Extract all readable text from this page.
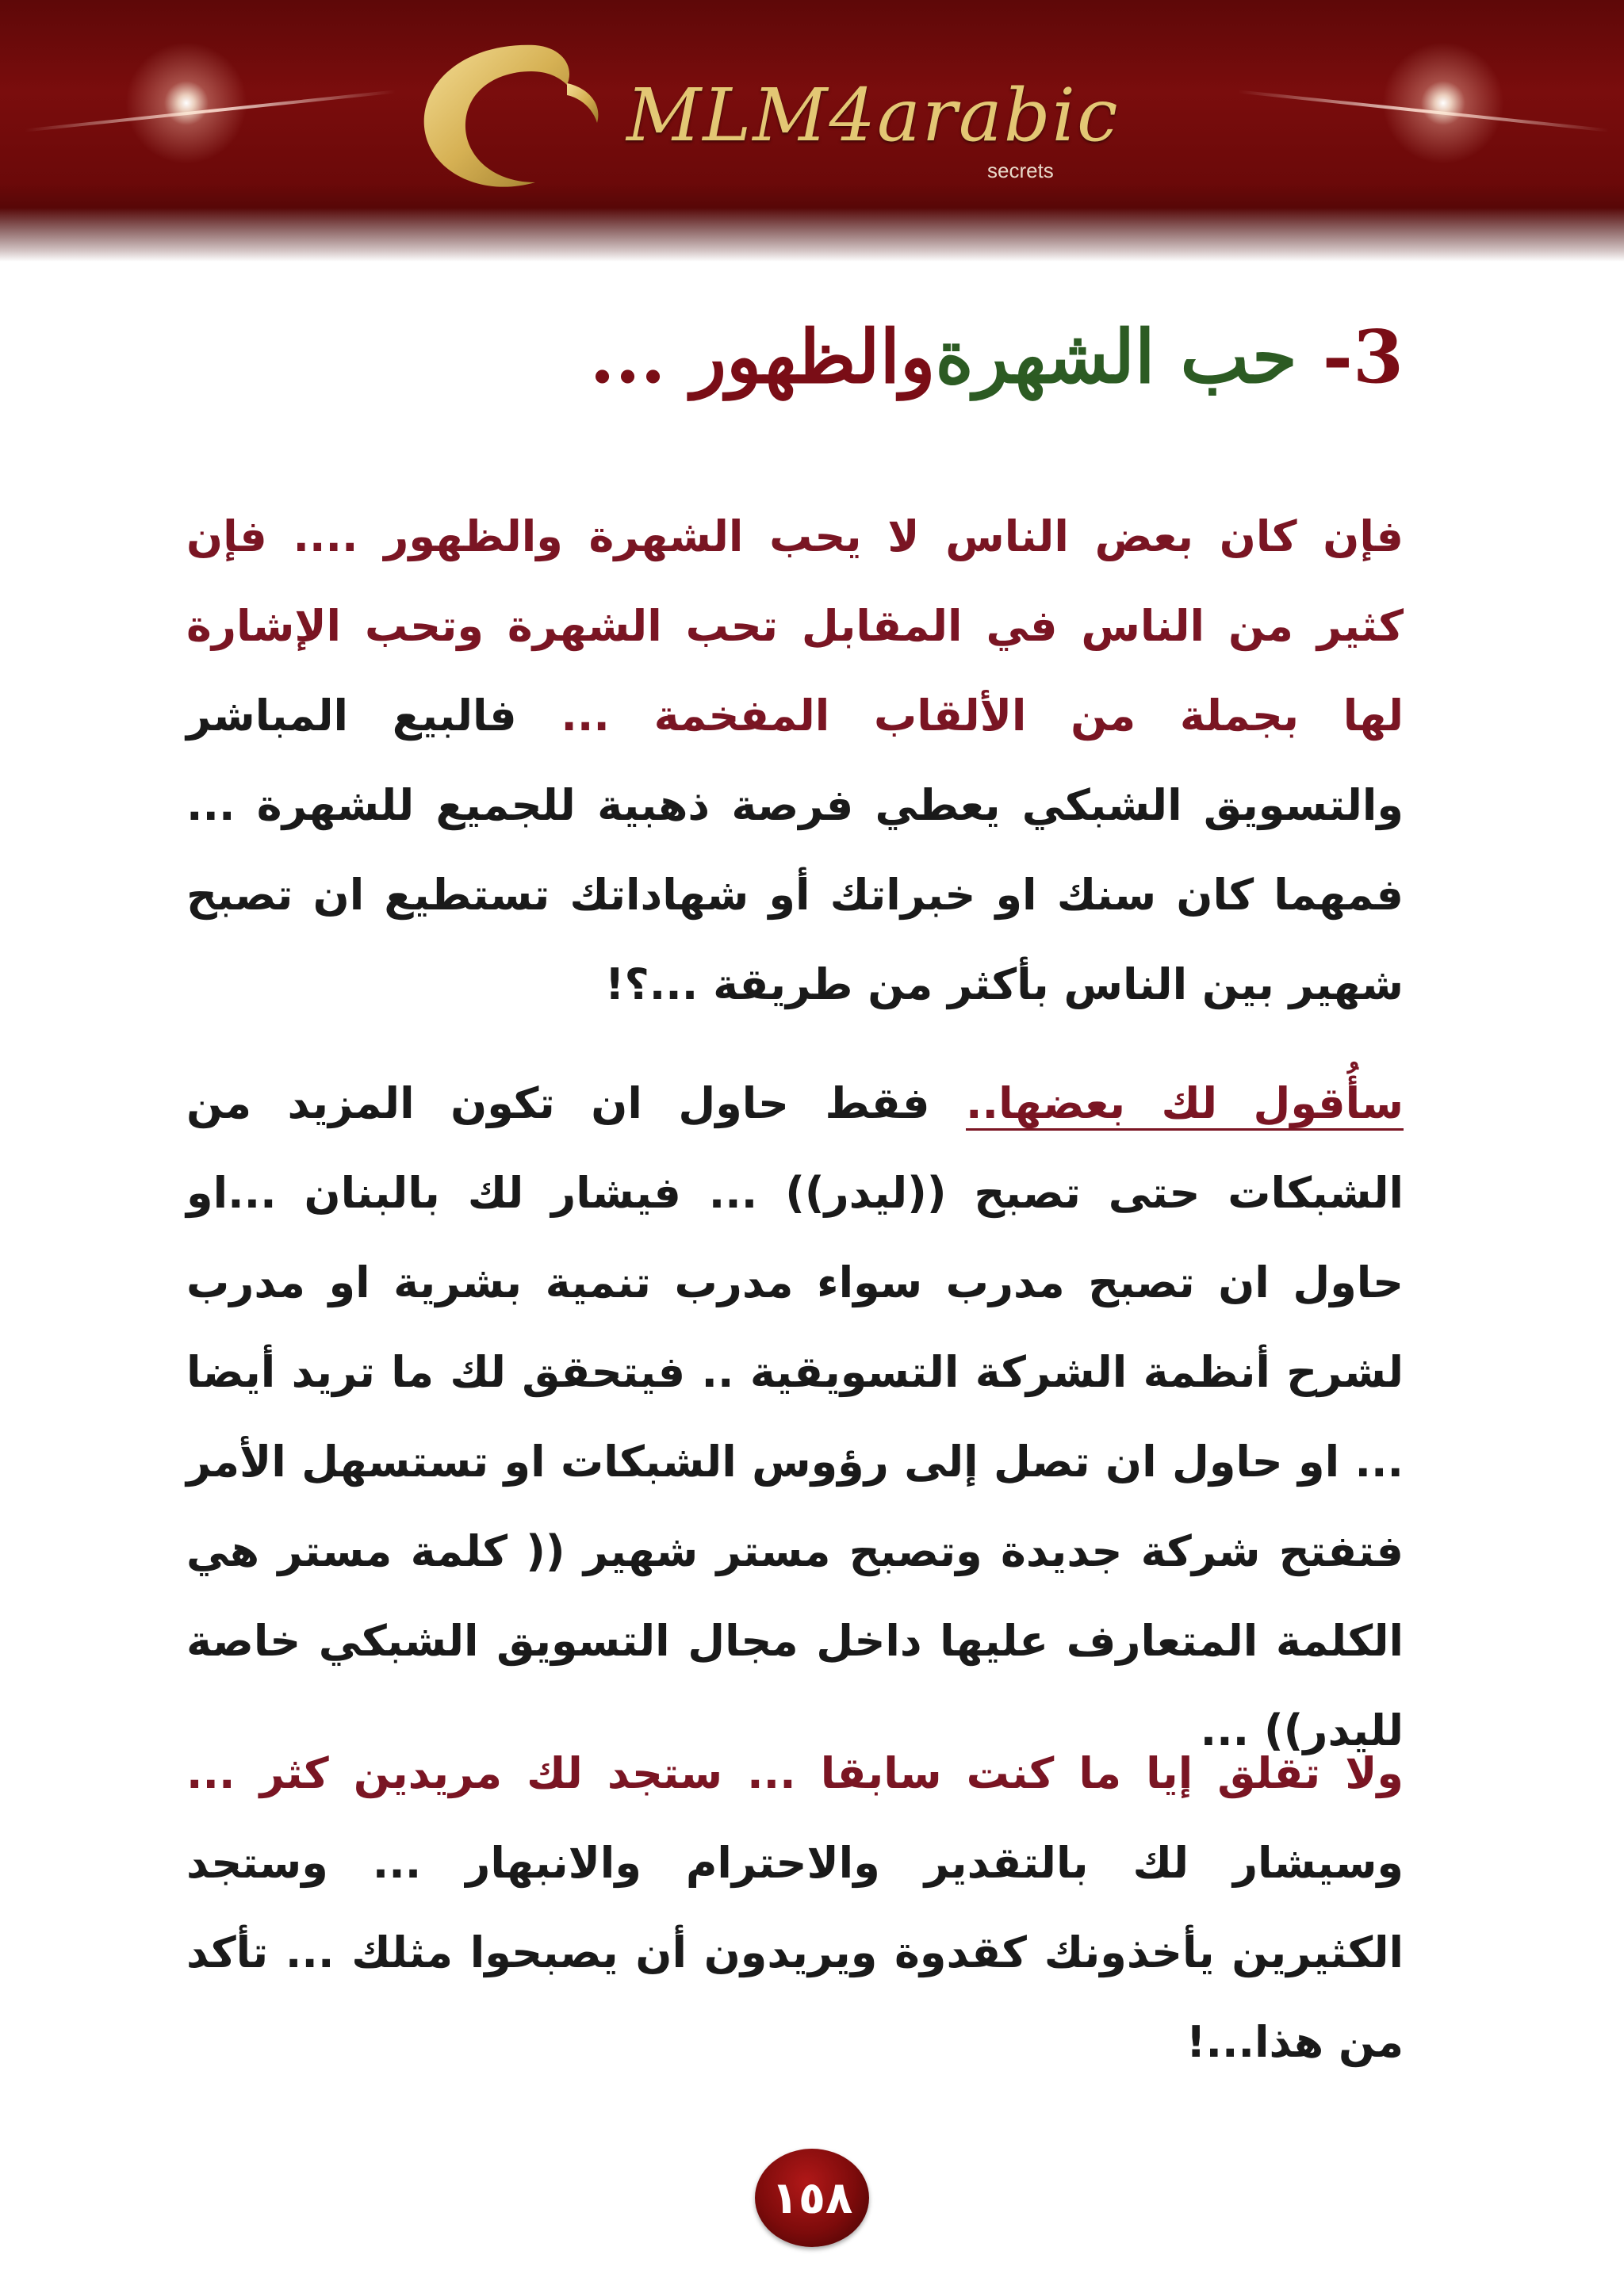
MLM4arabic
secrets
3- حب الشهرةوالظهور ...

فإن كان بعض الناس لا يحب الشهرة والظهور .... فإن كثير من الناس في المقابل تحب الشهرة وتحب الإشارة لها بجملة من الألقاب المفخمة ... فالبيع المباشر والتسويق الشبكي يعطي فرصة ذهبية للجميع للشهرة ... فمهما كان سنك او خبراتك أو شهاداتك تستطيع ان تصبح شهير بين الناس بأكثر من طريقة ...؟!

سأُقول لك بعضها.. فقط حاول ان تكون المزيد من الشبكات حتى تصبح ((ليدر)) ... فيشار لك بالبنان ...او حاول ان تصبح مدرب سواء مدرب تنمية بشرية او مدرب لشرح أنظمة الشركة التسويقية .. فيتحقق لك ما تريد أيضا ... او حاول ان تصل إلى رؤوس الشبكات او تستسهل الأمر فتفتح شركة جديدة وتصبح مستر شهير (( كلمة مستر هي الكلمة المتعارف عليها داخل مجال التسويق الشبكي خاصة لليدر)) ...

ولا تقلق إيا ما كنت سابقا ... ستجد لك مريدين كثر ... وسيشار لك بالتقدير والاحترام والانبهار ... وستجد الكثيرين يأخذونك كقدوة ويريدون أن يصبحوا مثلك ... تأكد من هذا...!

١٥٨
